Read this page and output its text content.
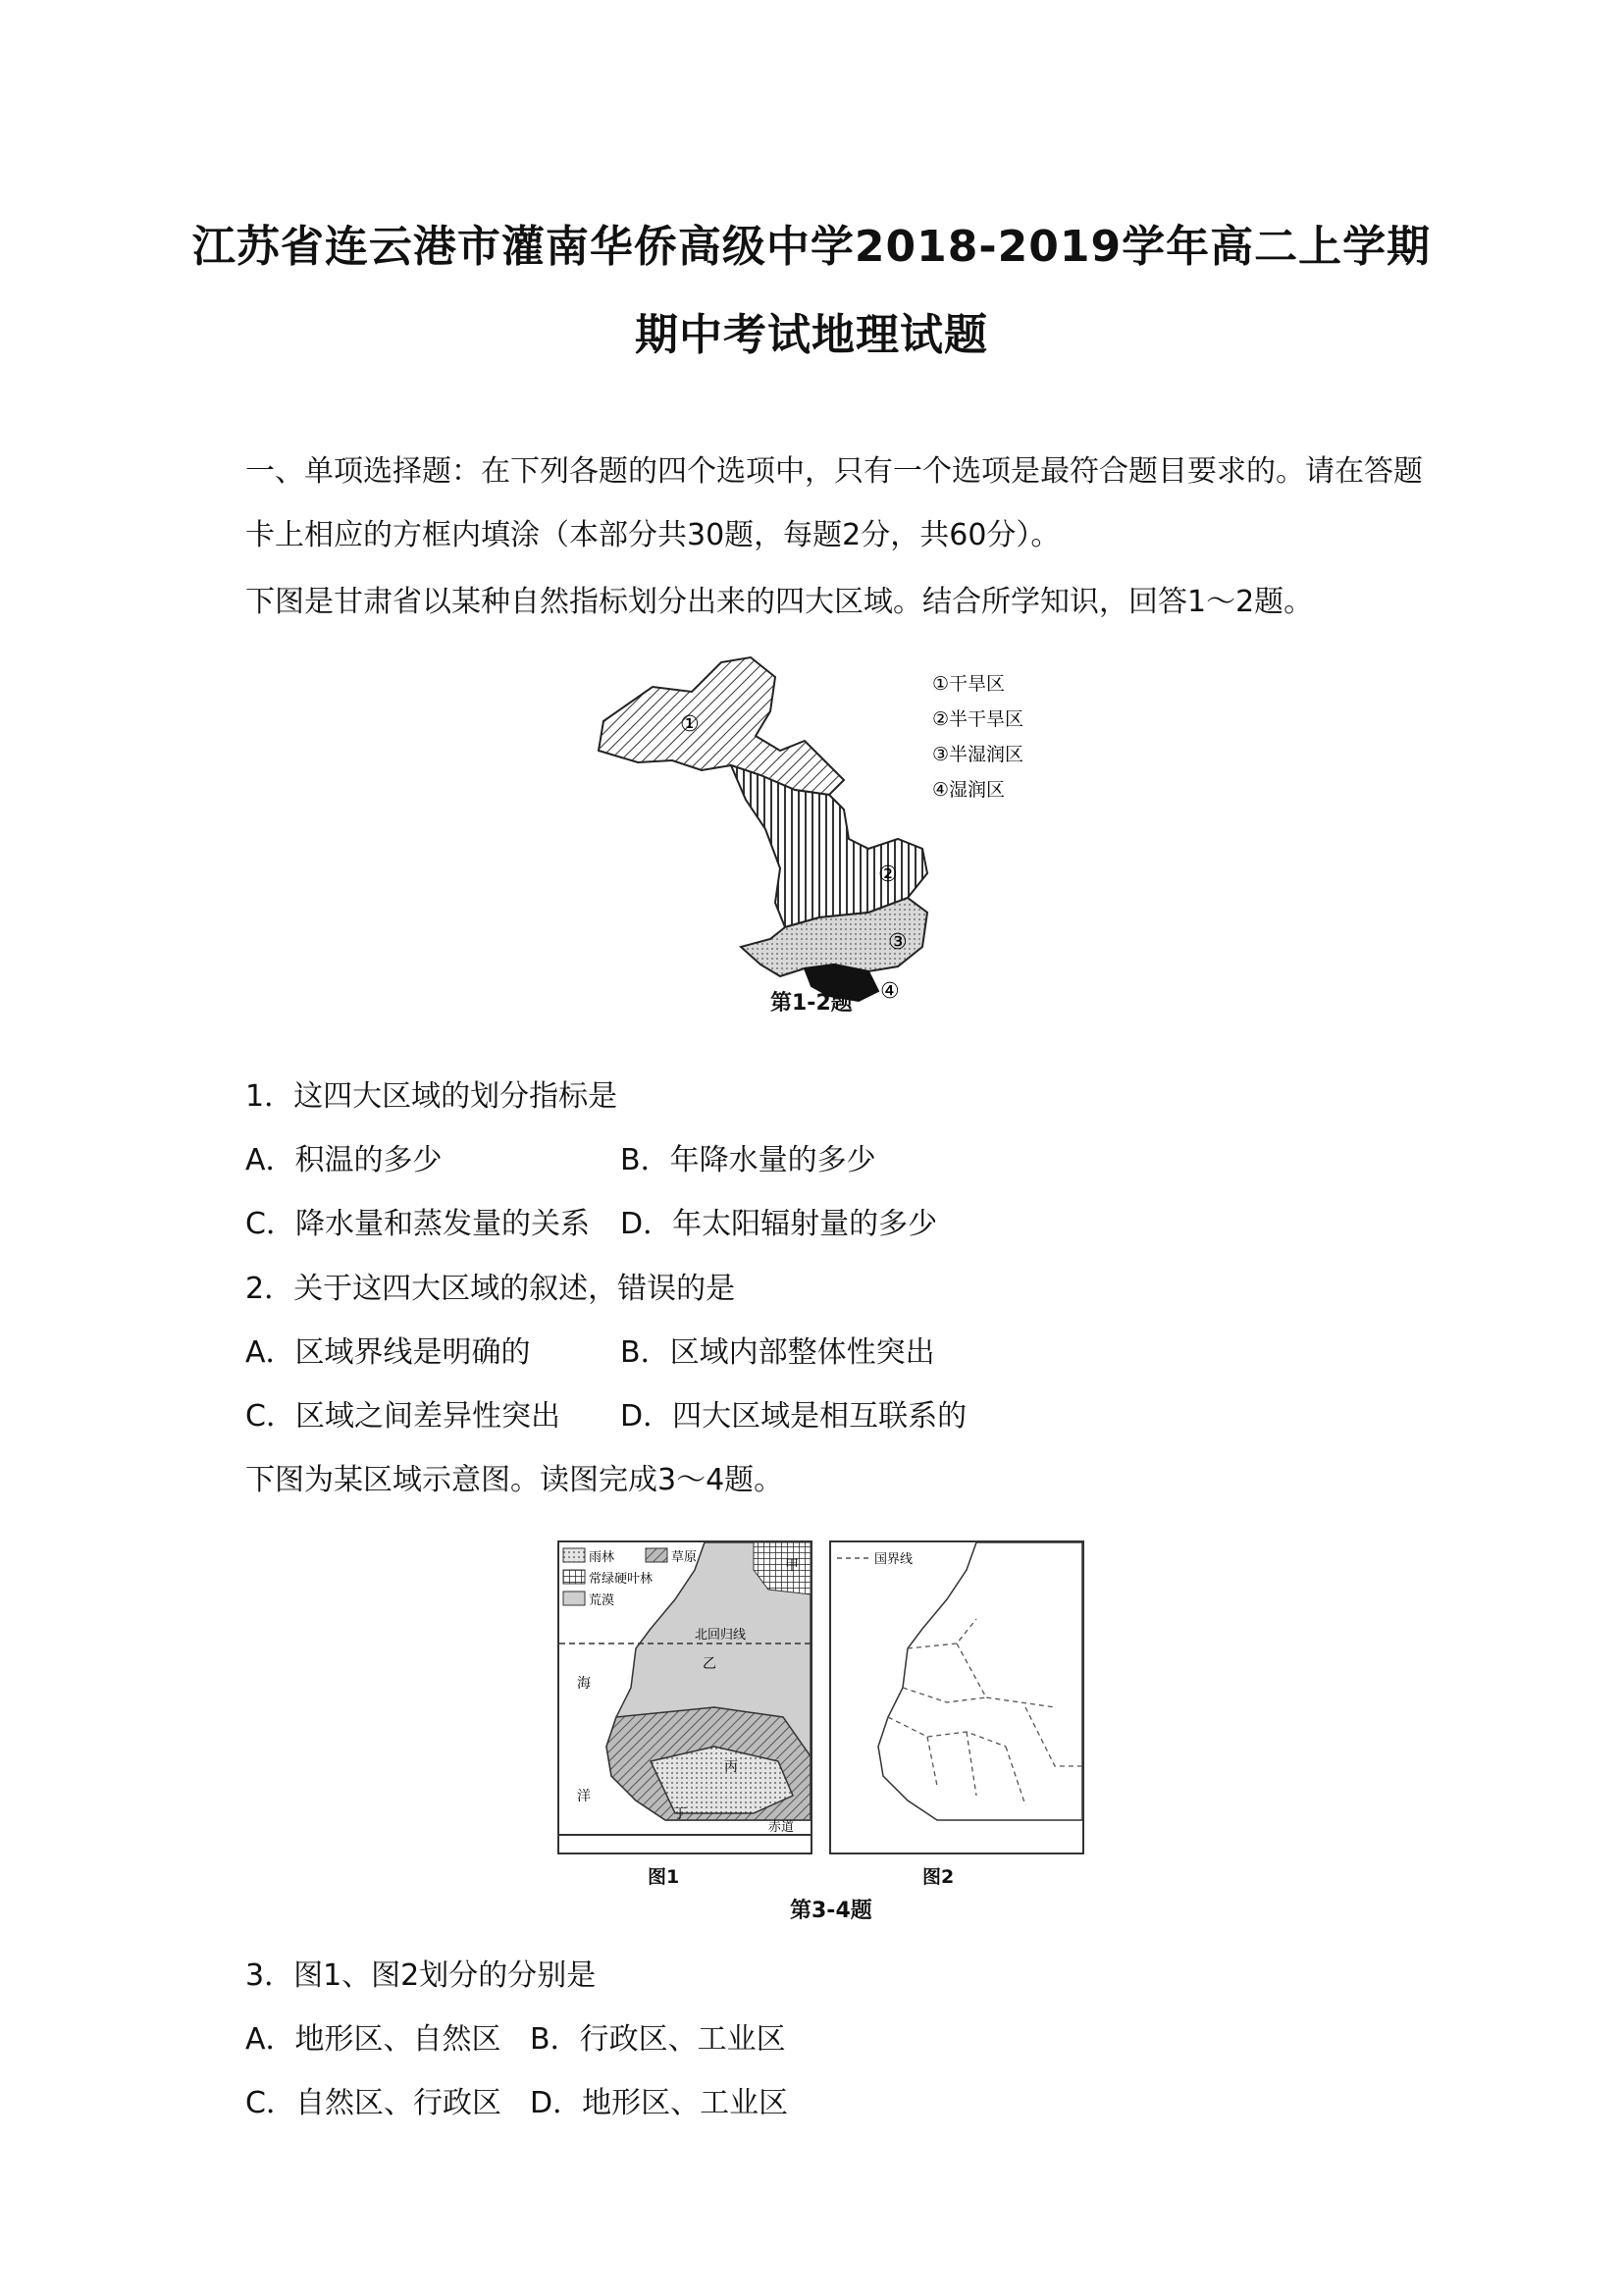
江苏省连云港市灌南华侨高级中学2018-2019学年高二上学期
期中考试地理试题
一、单项选择题：在下列各题的四个选项中，只有一个选项是最符合题目要求的。请在答题
卡上相应的方框内填涂（本部分共30题，每题2分，共60分）。
下图是甘肃省以某种自然指标划分出来的四大区域。结合所学知识，回答1～2题。
①
②
③
④
①干旱区
②半干旱区
③半湿润区
④湿润区
第1-2题
1．这四大区域的划分指标是
A．积温的多少	B．年降水量的多少
C．降水量和蒸发量的关系 D．年太阳辐射量的多少
2．关于这四大区域的叙述，错误的是
A．区域界线是明确的	B．区域内部整体性突出
C．区域之间差异性突出 D．四大区域是相互联系的
下图为某区域示意图。读图完成3～4题。
雨林	草原
常绿硬叶林
荒漠
甲
乙
丙
丁
海
洋
北回归线
赤道
国界线
图1	图2
第3-4题
3．图1、图2划分的分别是
A．地形区、自然区 B．行政区、工业区
C．自然区、行政区 D．地形区、工业区
